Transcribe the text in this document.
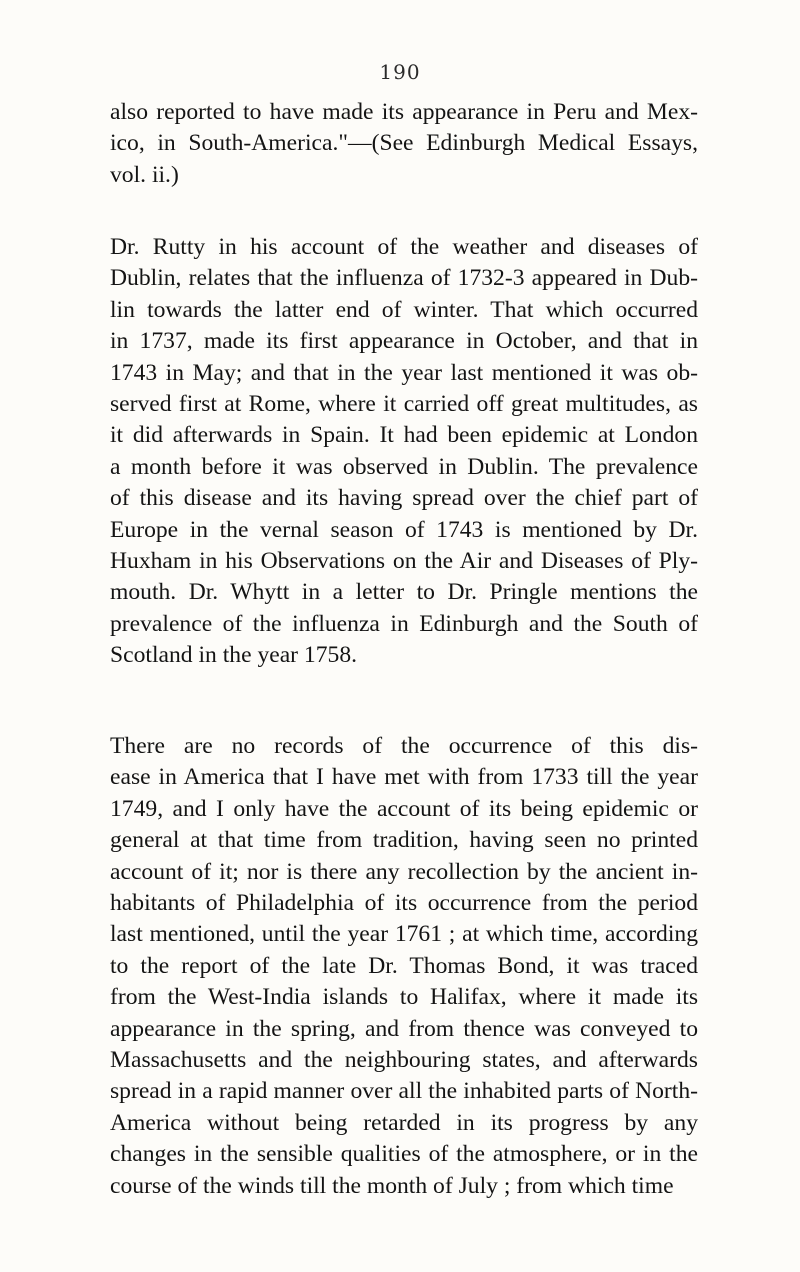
190
also reported to have made its appearance in Peru and Mex-
ico, in South-America."—(See Edinburgh Medical Essays,
vol. ii.)
Dr. Rutty in his account of the weather and diseases of
Dublin, relates that the influenza of 1732-3 appeared in Dub-
lin towards the latter end of winter. That which occurred
in 1737, made its first appearance in October, and that in
1743 in May; and that in the year last mentioned it was ob-
served first at Rome, where it carried off great multitudes, as
it did afterwards in Spain. It had been epidemic at London
a month before it was observed in Dublin. The prevalence
of this disease and its having spread over the chief part of
Europe in the vernal season of 1743 is mentioned by Dr.
Huxham in his Observations on the Air and Diseases of Ply-
mouth. Dr. Whytt in a letter to Dr. Pringle mentions the
prevalence of the influenza in Edinburgh and the South of
Scotland in the year 1758.
There are no records of the occurrence of this dis-
ease in America that I have met with from 1733 till the year
1749, and I only have the account of its being epidemic or
general at that time from tradition, having seen no printed
account of it; nor is there any recollection by the ancient in-
habitants of Philadelphia of its occurrence from the period
last mentioned, until the year 1761 ; at which time, according
to the report of the late Dr. Thomas Bond, it was traced
from the West-India islands to Halifax, where it made its
appearance in the spring, and from thence was conveyed to
Massachusetts and the neighbouring states, and afterwards
spread in a rapid manner over all the inhabited parts of North-
America without being retarded in its progress by any
changes in the sensible qualities of the atmosphere, or in the
course of the winds till the month of July ; from which time
